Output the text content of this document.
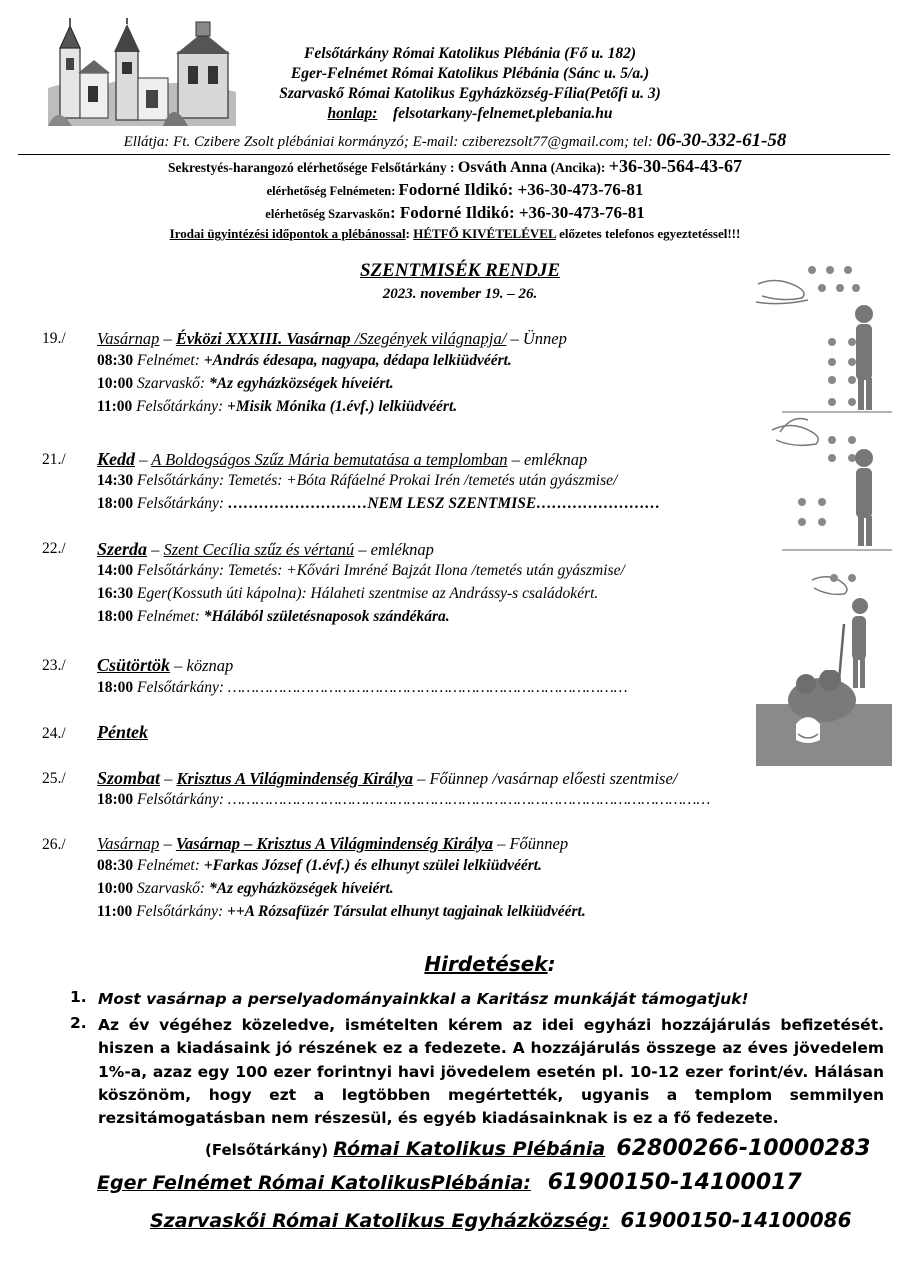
Felsőtárkány Római Katolikus Plébánia (Fő u. 182)
Eger-Felnémet Római Katolikus Plébánia (Sánc u. 5/a.)
Szarvaskő Római Katolikus Egyházközség-Fília(Petőfi u. 3)
honlap: felsotarkany-felnemet.plebania.hu
Ellátja: Ft. Czibere Zsolt plébániai kormányzó; E-mail: cziberezsolt77@gmail.com; tel: 06-30-332-61-58
Sekrestyés-harangozó elérhetősége Felsőtárkány : Osváth Anna (Ancika): +36-30-564-43-67
elérhetőség Felnémeten: Fodorné Ildikó: +36-30-473-76-81
elérhetőség Szarvaskőn: Fodorné Ildikó: +36-30-473-76-81
Irodai ügyintézési időpontok a plébánossal: HÉTFŐ KIVÉTELÉVEL előzetes telefonos egyeztetéssel!!!
SZENTMISÉK RENDJE
2023. november 19. – 26.
19./ Vasárnap – Évközi XXXIII. Vasárnap /Szegények világnapja/ – Ünnep
08:30 Felnémet: +András édesapa, nagyapa, dédapa lelkiüdvéért.
10:00 Szarvaskő: *Az egyházközségek híveiért.
11:00 Felsőtárkány: +Misik Mónika (1.évf.) lelkiüdvéért.
21./ Kedd – A Boldogságos Szűz Mária bemutatása a templomban – emléknap
14:30 Felsőtárkány: Temetés: +Bóta Ráfáelné Prokai Irén /temetés után gyászmise/
18:00 Felsőtárkány: ………………………NEM LESZ SZENTMISE……………………
22./ Szerda – Szent Cecília szűz és vértanú – emléknap
14:00 Felsőtárkány: Temetés: +Kővári Imréné Bajzát Ilona /temetés után gyászmise/
16:30 Eger(Kossuth úti kápolna): Hálaheti szentmise az Andrássy-s családokért.
18:00 Felnémet: *Hálából születésnaposok szándékára.
23./ Csütörtök – köznap
18:00 Felsőtárkány: ……………………………………………………………………………
24./ Péntek
25./ Szombat – Krisztus A Világmindenség Királya – Főünnep /vasárnap előesti szentmise/
18:00 Felsőtárkány: ……………………………………………………………………………………………
26./ Vasárnap – Vasárnap – Krisztus A Világmindenség Királya – Főünnep
08:30 Felnémet: +Farkas József (1.évf.) és elhunyt szülei lelkiüdvéért.
10:00 Szarvaskő: *Az egyházközségek híveiért.
11:00 Felsőtárkány: ++A Rózsafüzér Társulat elhunyt tagjainak lelkiüdvéért.
Hirdetések:
1. Most vasárnap a perselyadományainkkal a Karitász munkáját támogatjuk!
2. Az év végéhez közeledve, ismételten kérem az idei egyházi hozzájárulás befizetését. hiszen a kiadásaink jó részének ez a fedezete. A hozzájárulás összege az éves jövedelem 1%-a, azaz egy 100 ezer forintnyi havi jövedelem esetén pl. 10-12 ezer forint/év. Hálásan köszönöm, hogy ezt a legtöbben megértették, ugyanis a templom semmilyen rezsitámogatásban nem részesül, és egyéb kiadásainknak is ez a fő fedezete.
(Felsőtárkány) Római Katolikus Plébánia 62800266-10000283
Eger Felnémet Római KatolikusPlébánia: 61900150-14100017
Szarvaskői Római Katolikus Egyházközség: 61900150-14100086
